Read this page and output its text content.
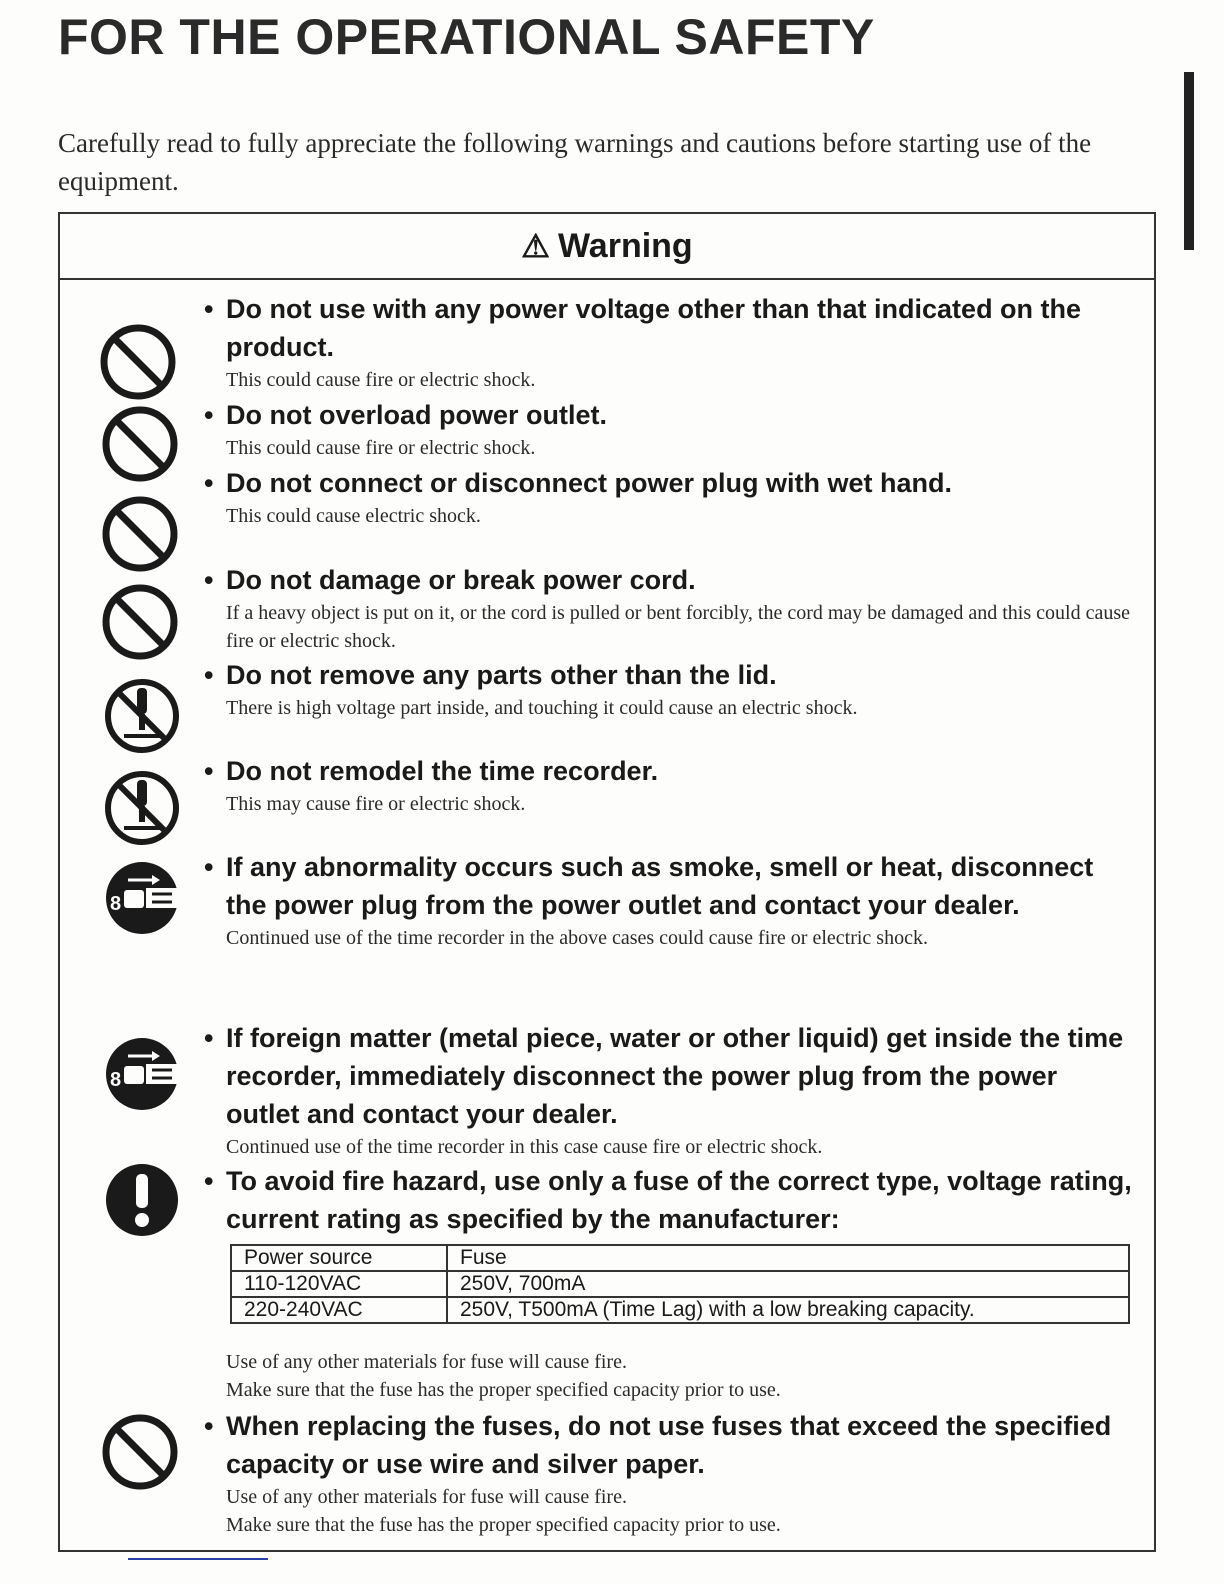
FOR THE OPERATIONAL SAFETY

Carefully read to fully appreciate the following warnings and cautions before starting use of the equipment.

⚠ Warning

• Do not use with any power voltage other than that indicated on the product.

This could cause fire or electric shock.

• Do not overload power outlet.

This could cause fire or electric shock.

• Do not connect or disconnect power plug with wet hand.

This could cause electric shock.

• Do not damage or break power cord.

If a heavy object is put on it, or the cord is pulled or bent forcibly, the cord may be damaged and this could cause fire or electric shock.

• Do not remove any parts other than the lid.

There is high voltage part inside, and touching it could cause an electric shock.

• Do not remodel the time recorder.

This may cause fire or electric shock.

8

• If any abnormality occurs such as smoke, smell or heat, disconnect the power plug from the power outlet and contact your dealer.

Continued use of the time recorder in the above cases could cause fire or electric shock.

8

• If foreign matter (metal piece, water or other liquid) get inside the time recorder, immediately disconnect the power plug from the power outlet and contact your dealer.

Continued use of the time recorder in this case cause fire or electric shock.

• To avoid fire hazard, use only a fuse of the correct type, voltage rating, current rating as specified by the manufacturer:

Power source	Fuse
110-120VAC	250V, 700mA
220-240VAC	250V, T500mA (Time Lag) with a low breaking capacity.

Use of any other materials for fuse will cause fire.

Make sure that the fuse has the proper specified capacity prior to use.

• When replacing the fuses, do not use fuses that exceed the specified capacity or use wire and silver paper.

Use of any other materials for fuse will cause fire.

Make sure that the fuse has the proper specified capacity prior to use.
